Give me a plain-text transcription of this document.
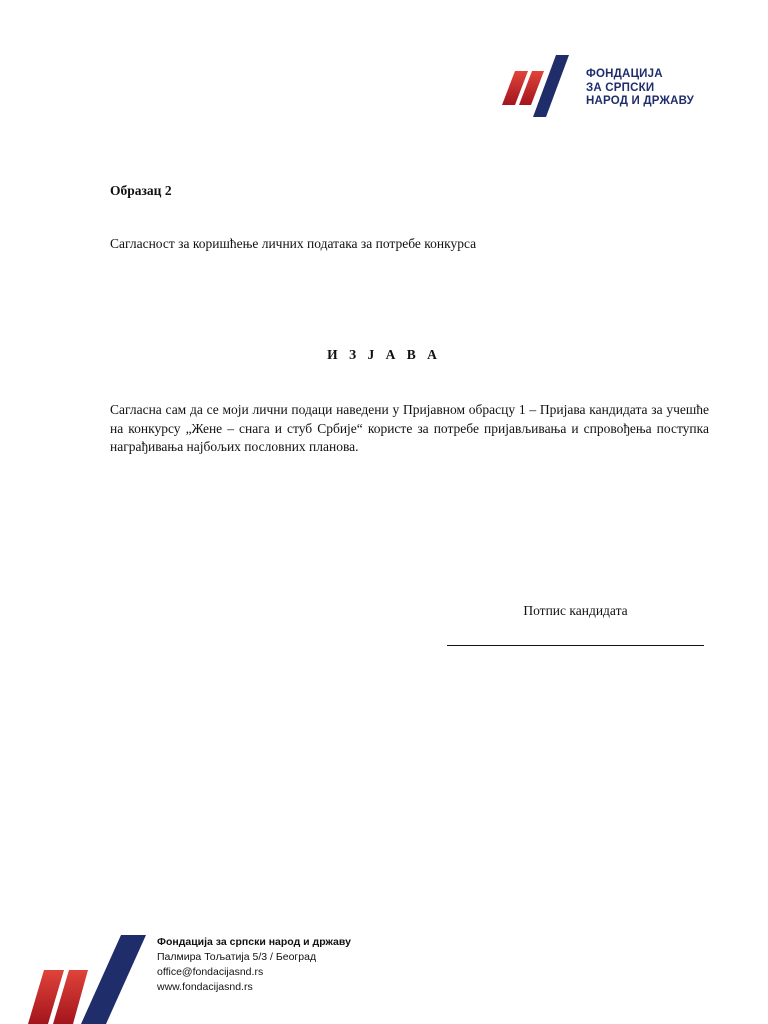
ФОНДАЦИЈА
ЗА СРПСКИ
НАРОД И ДРЖАВУ
Образац 2
Сагласност за коришћење личних података за потребе конкурса
И З Ј А В А
Сагласна сам да се моји лични подаци наведени у Пријавном обрасцу 1 – Пријава кандидата за учешће на конкурсу „Жене – снага и стуб Србије“ користе за потребе пријављивања и спровођења поступка награђивања најбољих пословних планова.
Потпис кандидата
Фондација за српски народ и државу
Палмира Тољатија 5/3 / Београд
office@fondacijasnd.rs
www.fondacijasnd.rs
